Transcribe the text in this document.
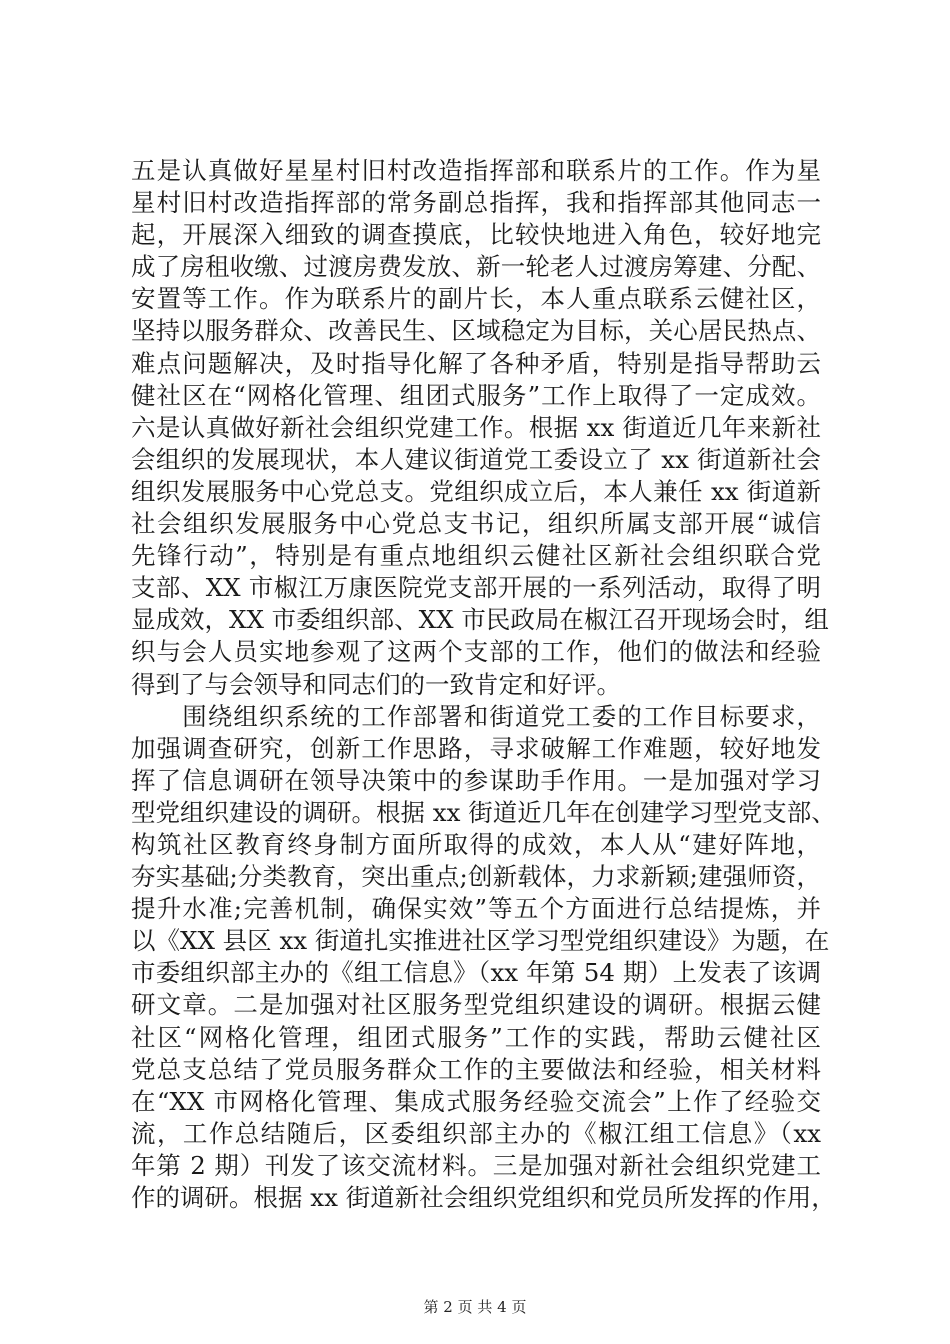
五是认真做好星星村旧村改造指挥部和联系片的工作。作为星
星村旧村改造指挥部的常务副总指挥，我和指挥部其他同志一
起，开展深入细致的调查摸底，比较快地进入角色，较好地完
成了房租收缴、过渡房费发放、新一轮老人过渡房筹建、分配、
安置等工作。作为联系片的副片长，本人重点联系云健社区，
坚持以服务群众、改善民生、区域稳定为目标，关心居民热点、
难点问题解决，及时指导化解了各种矛盾，特别是指导帮助云
健社区在“网格化管理、组团式服务”工作上取得了一定成效。
六是认真做好新社会组织党建工作。根据 xx 街道近几年来新社
会组织的发展现状，本人建议街道党工委设立了 xx 街道新社会
组织发展服务中心党总支。党组织成立后，本人兼任 xx 街道新
社会组织发展服务中心党总支书记，组织所属支部开展“诚信
先锋行动”，特别是有重点地组织云健社区新社会组织联合党
支部、XX 市椒江万康医院党支部开展的一系列活动，取得了明
显成效，XX 市委组织部、XX 市民政局在椒江召开现场会时，组
织与会人员实地参观了这两个支部的工作，他们的做法和经验
得到了与会领导和同志们的一致肯定和好评。
　　围绕组织系统的工作部署和街道党工委的工作目标要求，
加强调查研究，创新工作思路，寻求破解工作难题，较好地发
挥了信息调研在领导决策中的参谋助手作用。一是加强对学习
型党组织建设的调研。根据 xx 街道近几年在创建学习型党支部、
构筑社区教育终身制方面所取得的成效，本人从“建好阵地，
夯实基础;分类教育，突出重点;创新载体，力求新颖;建强师资，
提升水准;完善机制，确保实效”等五个方面进行总结提炼，并
以《XX 县区 xx 街道扎实推进社区学习型党组织建设》为题，在
市委组织部主办的《组工信息》（xx 年第 54 期）上发表了该调
研文章。二是加强对社区服务型党组织建设的调研。根据云健
社区“网格化管理，组团式服务”工作的实践，帮助云健社区
党总支总结了党员服务群众工作的主要做法和经验，相关材料
在“XX 市网格化管理、集成式服务经验交流会”上作了经验交
流，工作总结随后，区委组织部主办的《椒江组工信息》（xx
年第 2 期）刊发了该交流材料。三是加强对新社会组织党建工
作的调研。根据 xx 街道新社会组织党组织和党员所发挥的作用，
第 2 页 共 4 页
